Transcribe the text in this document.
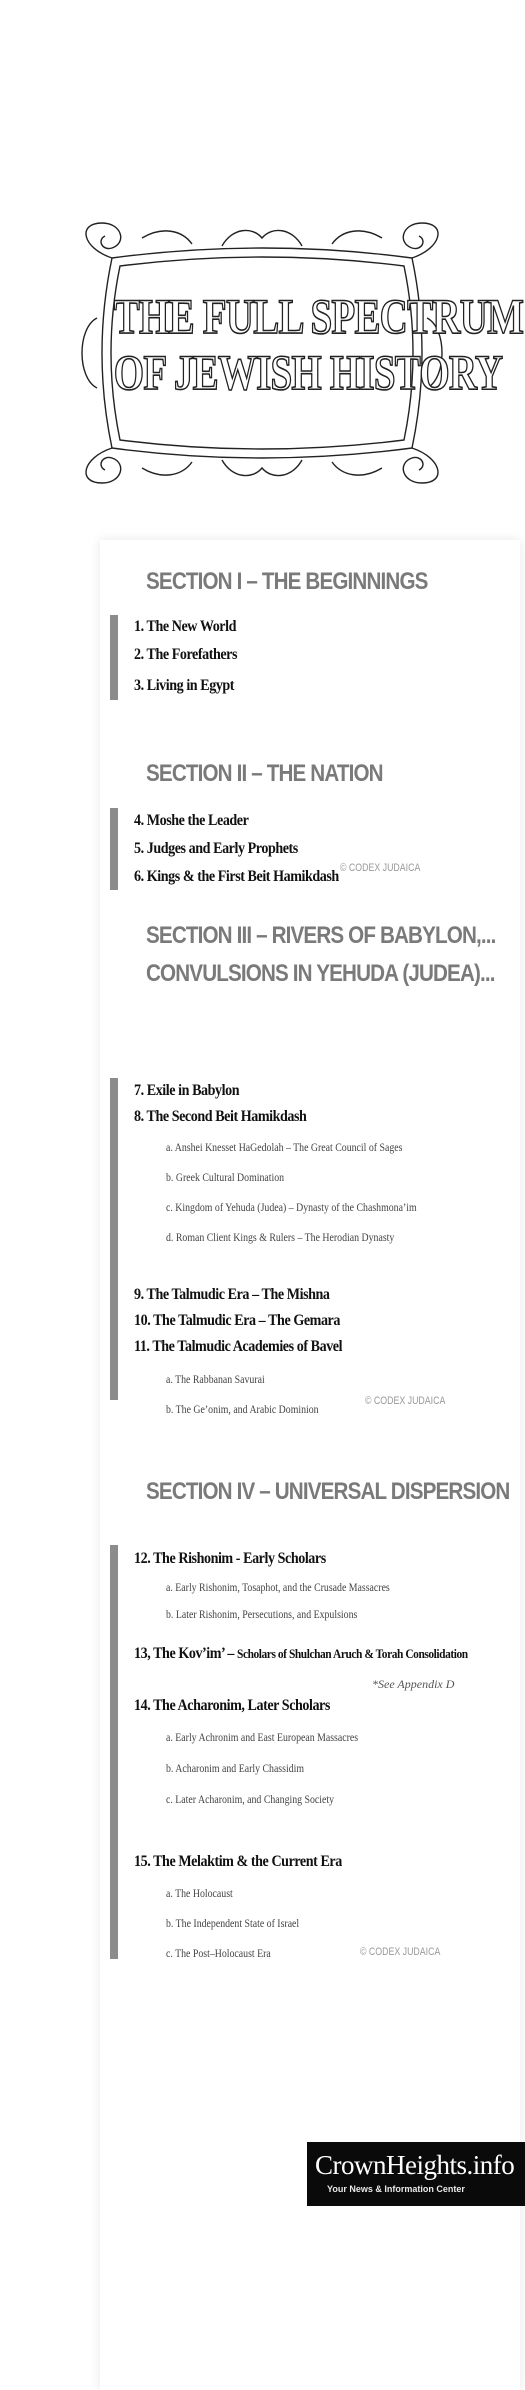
THE FULL SPECTRUM
OF JEWISH HISTORY
SECTION I – THE BEGINNINGS
1. The New World
2. The Forefathers
3. Living in Egypt
SECTION II – THE NATION
4. Moshe the Leader
5. Judges and Early Prophets
6. Kings & the First Beit Hamikdash © CODEX JUDAICA
SECTION III – RIVERS OF BABYLON,...
CONVULSIONS IN YEHUDA (JUDEA)...
7. Exile in Babylon
8. The Second Beit Hamikdash
a. Anshei Knesset HaGedolah – The Great Council of Sages
b. Greek Cultural Domination
c. Kingdom of Yehuda (Judea) – Dynasty of the Chashmona’im
d. Roman Client Kings & Rulers – The Herodian Dynasty
9. The Talmudic Era – The Mishna
10. The Talmudic Era – The Gemara
11. The Talmudic Academies of Bavel
a. The Rabbanan Savurai
b. The Ge’onim, and Arabic Dominion
© CODEX JUDAICA
SECTION IV – UNIVERSAL DISPERSION
12. The Rishonim - Early Scholars
a. Early Rishonim, Tosaphot, and the Crusade Massacres
b. Later Rishonim, Persecutions, and Expulsions
13, The Kov’im’ – Scholars of Shulchan Aruch & Torah Consolidation
*See Appendix D
14. The Acharonim, Later Scholars
a. Early Achronim and East European Massacres
b. Acharonim and Early Chassidim
c. Later Acharonim, and Changing Society
15. The Melaktim & the Current Era
a. The Holocaust
b. The Independent State of Israel
c. The Post–Holocaust Era	© CODEX JUDAICA
CrownHeights.info
Your News & Information Center
